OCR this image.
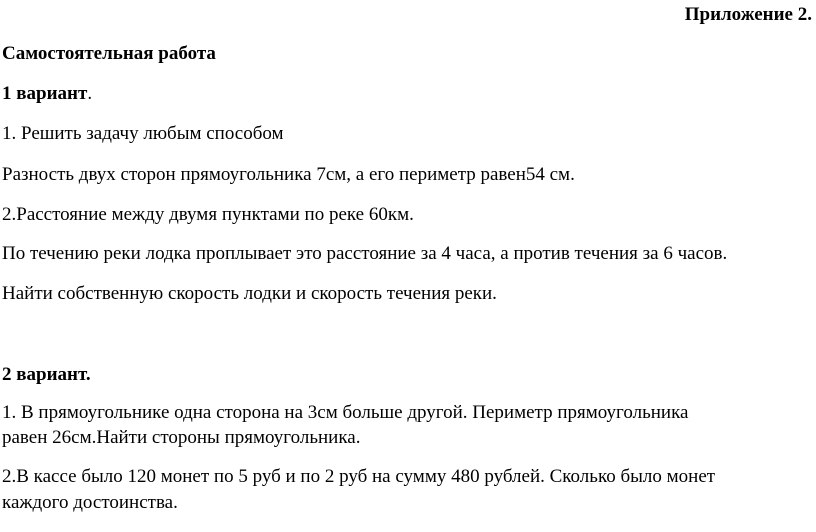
Приложение 2.
Самостоятельная работа
1 вариант.
1. Решить задачу любым способом
Разность двух сторон прямоугольника 7см, а его периметр равен54 см.
2.Расстояние между двумя пунктами по реке 60км.
По течению реки лодка проплывает это расстояние за 4 часа, а против течения за 6 часов.
Найти собственную скорость лодки и скорость течения реки.
2 вариант.
1. В прямоугольнике одна сторона на 3см больше другой. Периметр прямоугольника
равен 26см.Найти стороны прямоугольника.
2.В кассе было 120 монет по 5 руб и по 2 руб на сумму 480 рублей. Сколько было монет
каждого достоинства.
